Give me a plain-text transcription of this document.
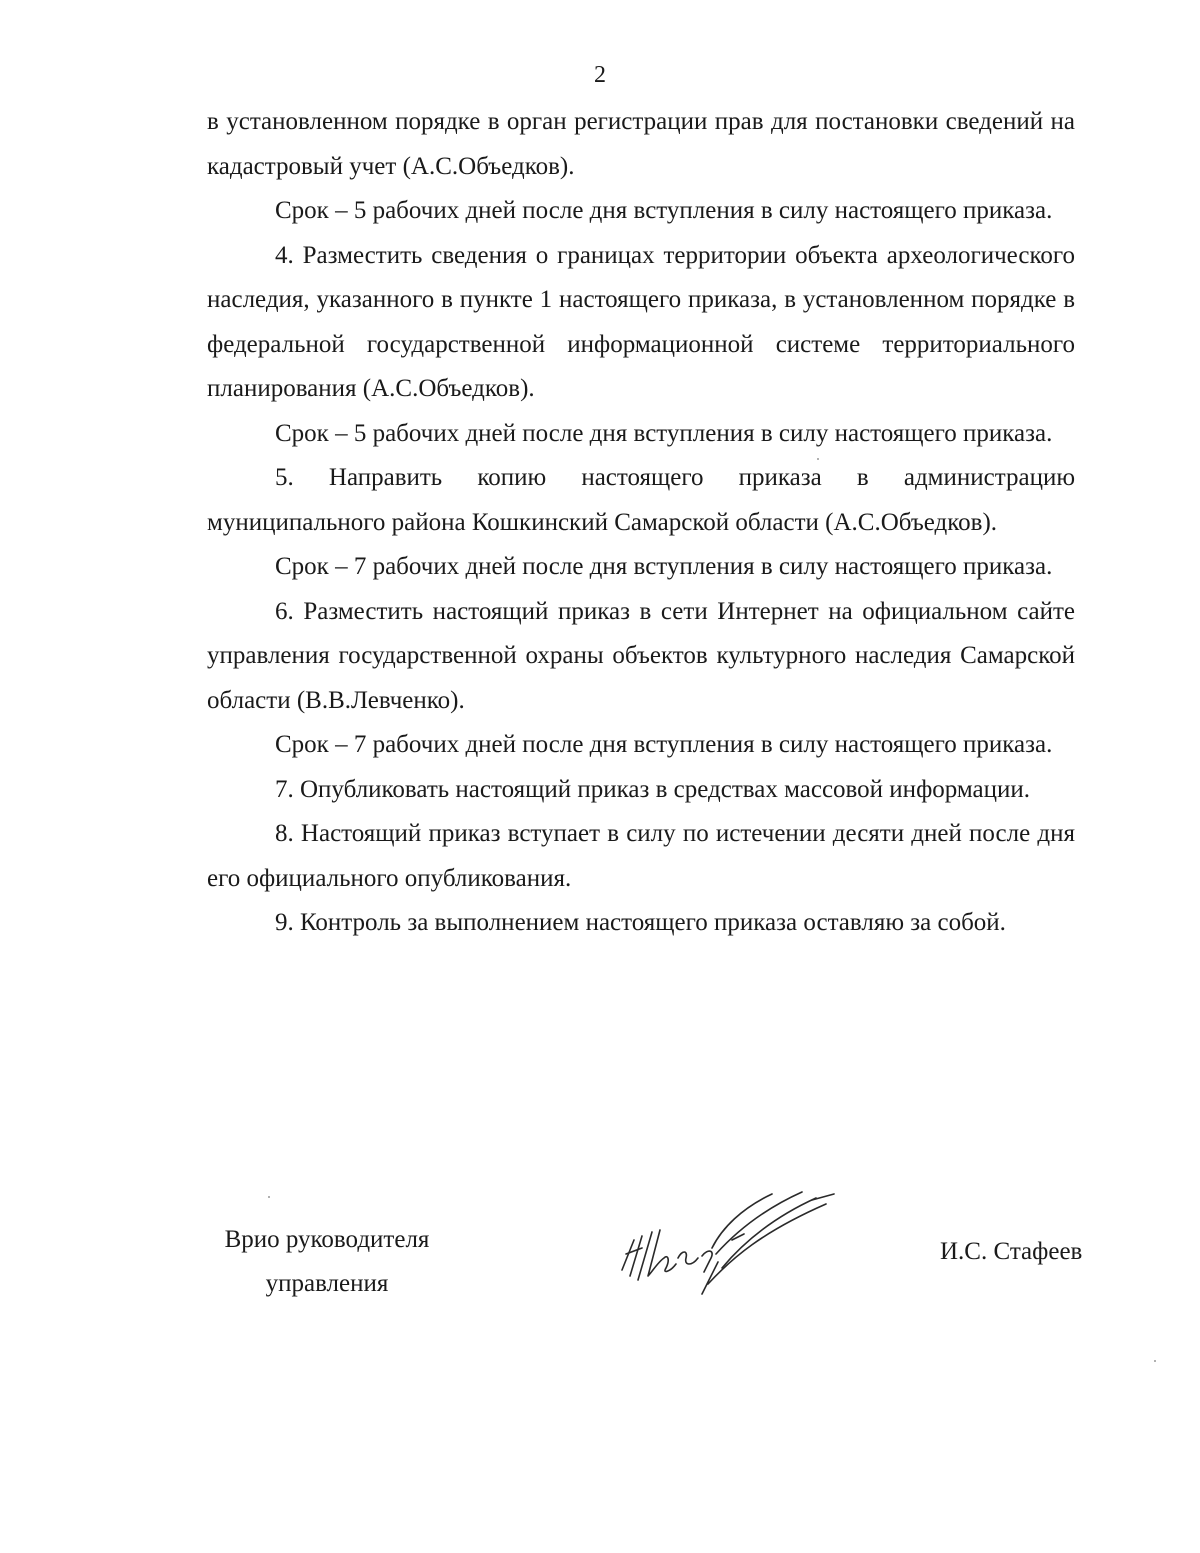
2

в установленном порядке в орган регистрации прав для постановки сведений на кадастровый учет (А.С.Объедков).

Срок – 5 рабочих дней после дня вступления в силу настоящего приказа.

4. Разместить сведения о границах территории объекта археологического наследия, указанного в пункте 1 настоящего приказа, в установленном порядке в федеральной государственной информационной системе территориального планирования (А.С.Объедков).

Срок – 5 рабочих дней после дня вступления в силу настоящего приказа.

5. Направить копию настоящего приказа в администрацию муниципального района Кошкинский Самарской области (А.С.Объедков).

Срок – 7 рабочих дней после дня вступления в силу настоящего приказа.

6. Разместить настоящий приказ в сети Интернет на официальном сайте управления государственной охраны объектов культурного наследия Самарской области (В.В.Левченко).

Срок – 7 рабочих дней после дня вступления в силу настоящего приказа.

7. Опубликовать настоящий приказ в средствах массовой информации.

8. Настоящий приказ вступает в силу по истечении десяти дней после дня его официального опубликования.

9. Контроль за выполнением настоящего приказа оставляю за собой.

Врио руководителя
управления
И.С. Стафеев
